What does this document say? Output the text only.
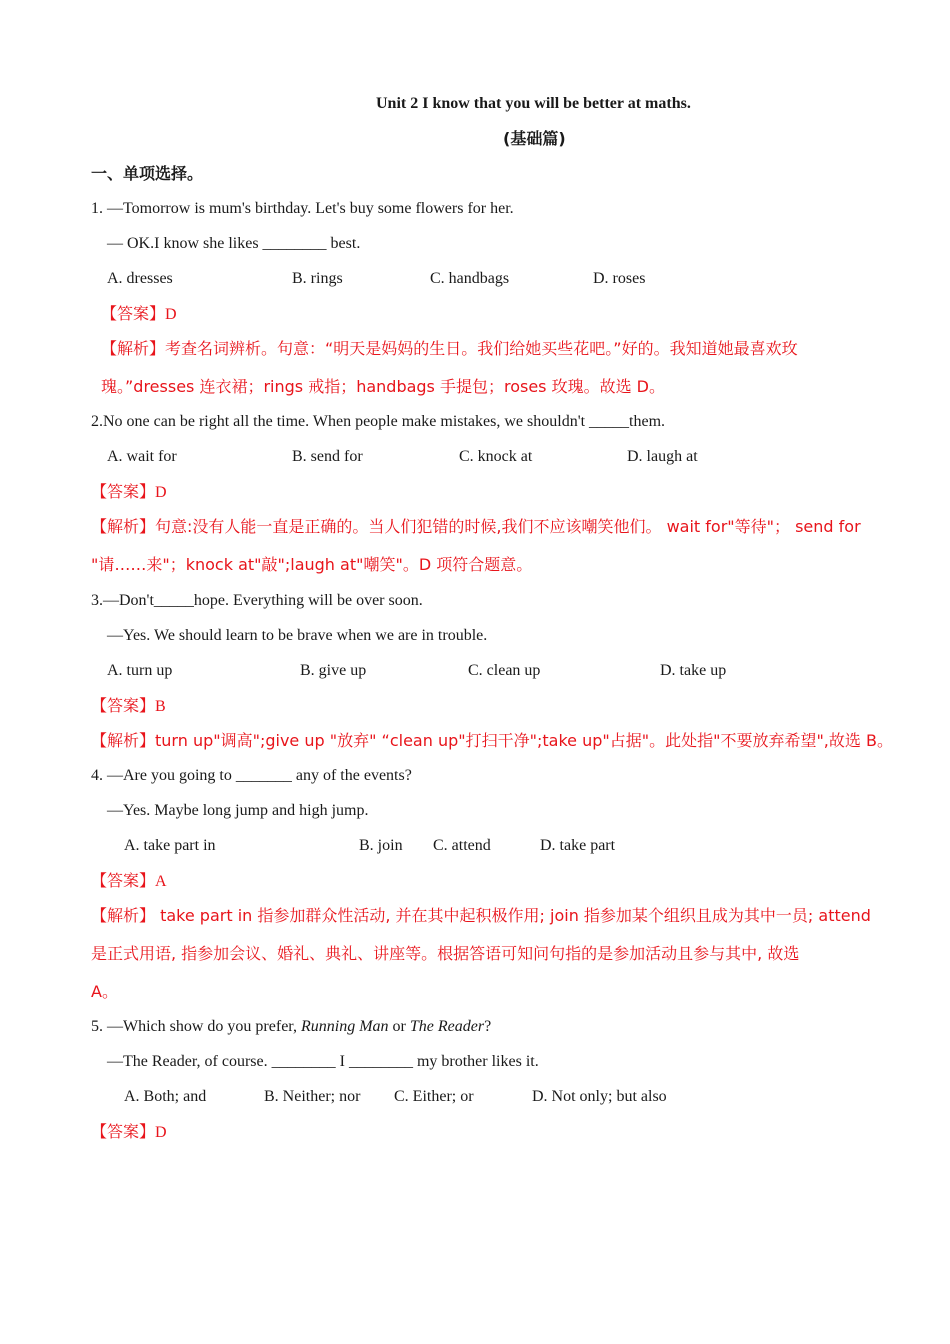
Unit 2 I know that you will be better at maths.
(基础篇)
一、单项选择。
1. —Tomorrow is mum's birthday. Let's buy some flowers for her.
— OK.I know she likes ________ best.
A. dresses	B. rings	C. handbags	D. roses
【答案】D
【解析】考查名词辨析。句意：“明天是妈妈的生日。我们给她买些花吧。”好的。我知道她最喜欢玫
瑰。”dresses 连衣裙；rings 戒指；handbags 手提包；roses 玫瑰。故选 D。
2.No one can be right all the time. When people make mistakes, we shouldn't _____them.
A. wait for	B. send for	C. knock at	D. laugh at
【答案】D
【解析】句意:没有人能一直是正确的。当人们犯错的时候,我们不应该嘲笑他们。 wait for"等待"； send for
"请……来"；knock at"敲";laugh at"嘲笑"。D 项符合题意。
3.—Don't_____hope. Everything will be over soon.
—Yes. We should learn to be brave when we are in trouble.
A. turn up	B. give up	C. clean up	D. take up
【答案】B
【解析】turn up"调高";give up "放弃" “clean up"打扫干净";take up"占据"。此处指"不要放弃希望",故选 B。
4. —Are you going to _______ any of the events?
—Yes. Maybe long jump and high jump.
A. take part in	B. join C. attend	D. take part
【答案】A
【解析】 take part in 指参加群众性活动, 并在其中起积极作用; join 指参加某个组织且成为其中一员; attend
是正式用语, 指参加会议、婚礼、典礼、讲座等。根据答语可知问句指的是参加活动且参与其中, 故选
A。
5. —Which show do you prefer, Running Man or The Reader?
—The Reader, of course. ________ I ________ my brother likes it.
A. Both; and	B. Neither; nor C. Either; or	D. Not only; but also
【答案】D
